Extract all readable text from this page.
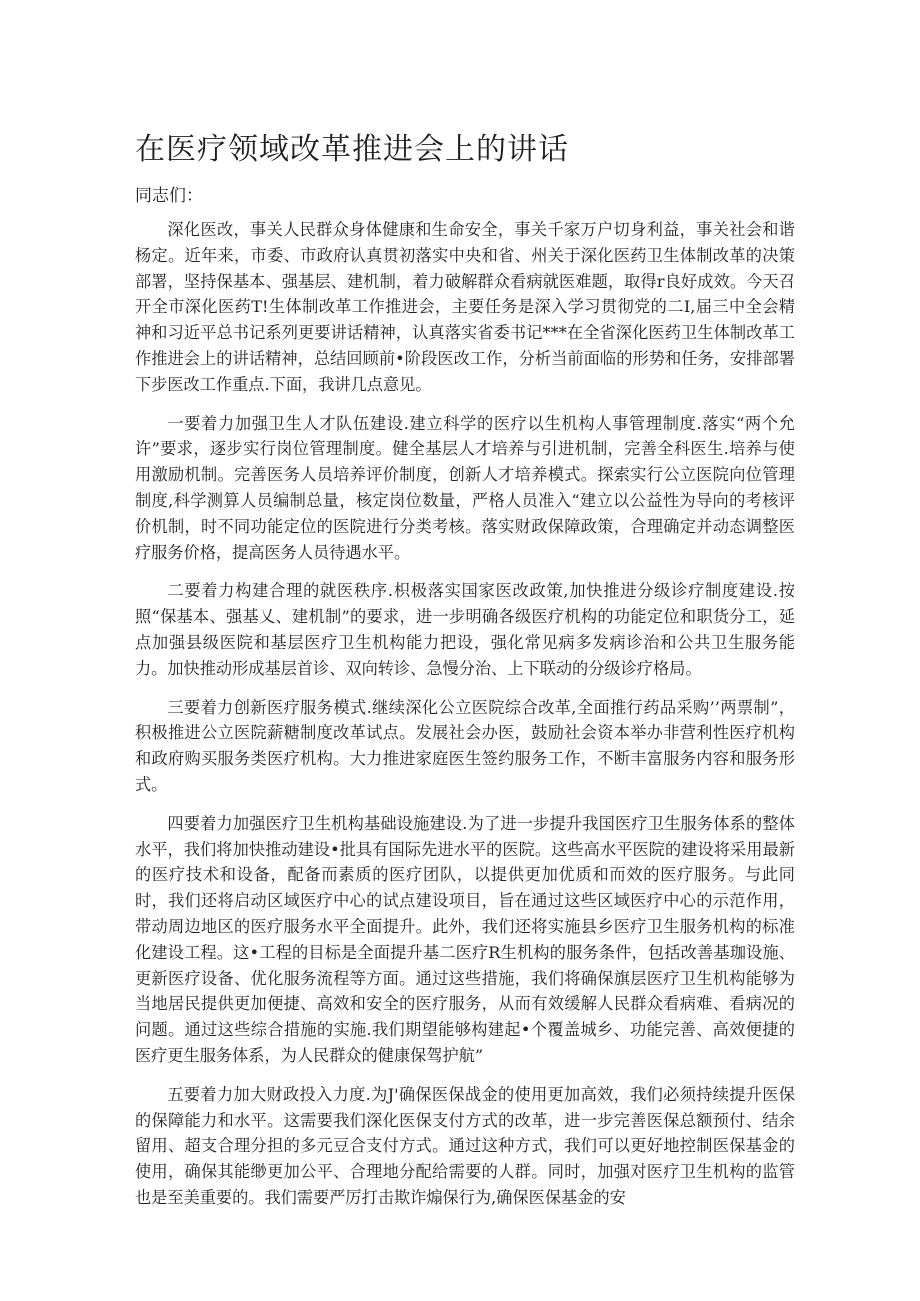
在医疗领域改革推进会上的讲话

同志们：

深化医改，事关人民群众身体健康和生命安全，事关千家万户切身利益，事关社会和谐杨定。近年来，市委、市政府认真贯初落实中央和省、州关于深化医药卫生体制改革的决策部署，坚持保基本、强基层、建机制，着力破解群众看病就医难题，取得r良好成效。今天召开全市深化医药T!生体制改革工作推进会，主要任务是深入学习贯彻党的二I,届三中全会精神和习近平总书记系列更要讲话精神，认真落实省委书记***在全省深化医药卫生体制改革工作推进会上的讲话精神，总结回顾前•阶段医改工作，分析当前面临的形势和任务，安排部署下步医改工作重点.下面，我讲几点意见。

一要着力加强卫生人才队伍建设.建立科学的医疗以生机构人事管理制度.落实“两个允许”要求，逐步实行岗位管理制度。健全基层人才培养与引进机制，完善全科医生.培养与使用激励机制。完善医务人员培养评价制度，创新人才培养模式。探索实行公立医院向位管理制度,科学测算人员编制总量，核定岗位数量，严格人员准入“建立以公益性为导向的考核评价机制，时不同功能定位的医院进行分类考核。落实财政保障政策，合理确定并动态调整医疗服务价格，提高医务人员待遇水平。

二要着力构建合理的就医秩序.枳极落实国家医改政策,加快推进分级诊疗制度建设.按照“保基本、强基乂、建机制”的要求，进一步明确各级医疗机构的功能定位和职货分工，延点加强县级医院和基层医疗卫生机构能力把设，强化常见病多发病诊治和公共卫生服务能力。加快推动形成基层首诊、双向转诊、急慢分治、上下联动的分级诊疗格局。

三要着力创新医疗服务模式.继续深化公立医院综合改革,全面推行药品采购’’两票制”，积极推进公立医院薪糖制度改革试点。发展社会办医，鼓励社会资本举办非营利性医疗机构和政府购买服务类医疗机构。大力推进家庭医生签约服务工作，不断丰富服务内容和服务形式。

四要着力加强医疗卫生机构基础设施建设.为了进一步提升我国医疗卫生服务体系的整体水平，我们将加快推动建设•批具有国际先进水平的医院。这些高水平医院的建设将采用最新的医疗技术和设备，配备而素质的医疗团队，以提供更加优质和而效的医疗服务。与此同时，我们还将启动区域医疗中心的试点建设项目，旨在通过这些区域医疗中心的示范作用，带动周边地区的医疗服务水平全面提升。此外，我们还将实施县乡医疗卫生服务机构的标准化建设工程。这•工程的目标是全面提升基二医疗R生机构的服务条件，包括改善基珈设施、更新医疗设备、优化服务流程等方面。通过这些措施，我们将确保旗层医疗卫生机构能够为当地居民提供更加便捷、高效和安全的医疗服务，从而有效缓解人民群众看病难、看病况的问题。通过这些综合措施的实施.我们期望能够构建起•个覆盖城乡、功能完善、高效便捷的医疗更生服务体系，为人民群众的健康保驾护航”

五要着力加大财政投入力度.为J'确保医保战金的使用更加高效，我们必须持续提升医保的保障能力和水平。这需要我们深化医保支付方式的改革，进一步完善医保总额预付、结余留用、超支合理分担的多元豆合支付方式。通过这种方式，我们可以更好地控制医保基金的使用，确保其能缈更加公平、合理地分配给需要的人群。同时，加强对医疗卫生机构的监管也是至美重要的。我们需要严厉打击欺诈煽保行为,确保医保基金的安
